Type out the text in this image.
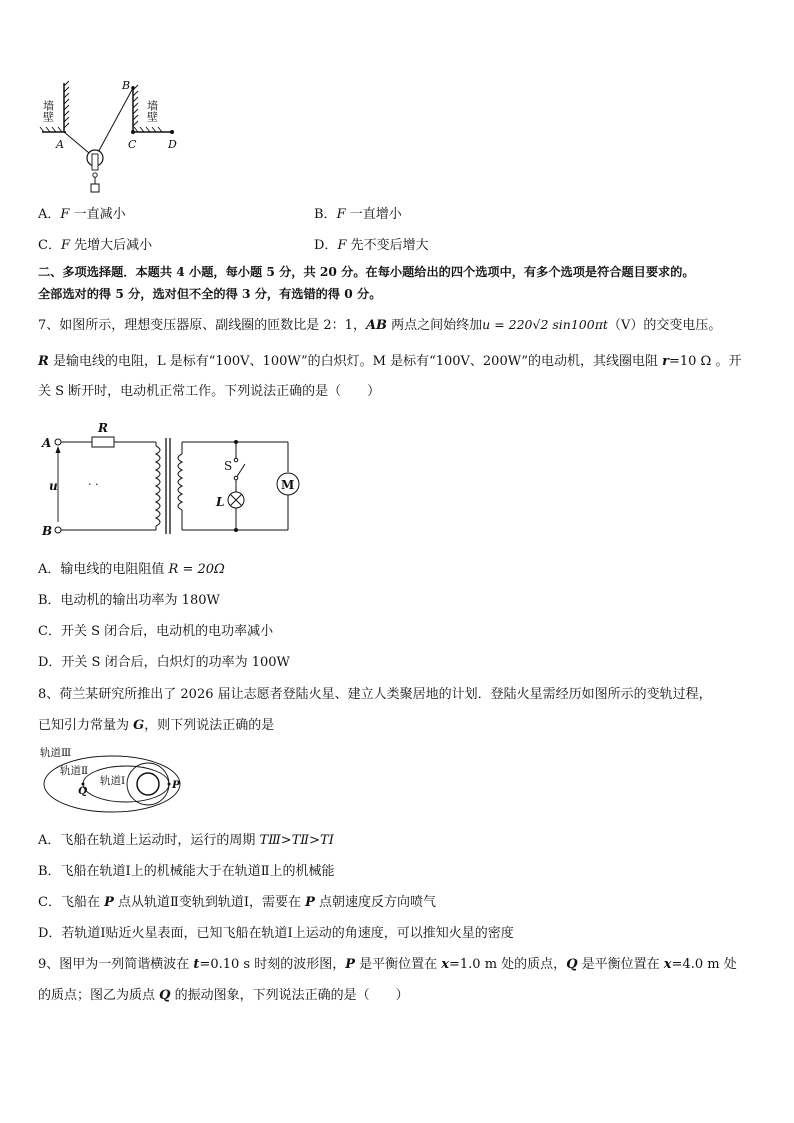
墙壁	墙壁
A
B
C	D
A．F 一直减小	B．F 一直增小
C．F 先增大后减小	D．F 先不变后增大
二、多项选择题．本题共 4 小题，每小题 5 分，共 20 分。在每小题给出的四个选项中，有多个选项是符合题目要求的。
全部选对的得 5 分，选对但不全的得 3 分，有选错的得 0 分。
7、如图所示，理想变压器原、副线圈的匝数比是 2：1，AB 两点之间始终加u = 220√2 sin100πt（V）的交变电压。
R 是输电线的电阻，L 是标有“100V、100W”的白炽灯。M 是标有“100V、200W”的电动机，其线圈电阻 r=10 Ω 。开
关 S 断开时，电动机正常工作。下列说法正确的是（　　）
A
B
R
u	· ·
S
L
M
A．输电线的电阻阻值 R = 20Ω
B．电动机的输出功率为 180W
C．开关 S 闭合后，电动机的电功率减小
D．开关 S 闭合后，白炽灯的功率为 100W
8、荷兰某研究所推出了 2026 届让志愿者登陆火星、建立人类聚居地的计划．登陆火星需经历如图所示的变轨过程，
已知引力常量为 G，则下列说法正确的是
轨道Ⅲ
轨道Ⅱ
轨道Ⅰ
Q	P
A．飞船在轨道上运动时，运行的周期 TⅢ>TⅡ>TⅠ
B．飞船在轨道Ⅰ上的机械能大于在轨道Ⅱ上的机械能
C．飞船在 P 点从轨道Ⅱ变轨到轨道Ⅰ，需要在 P 点朝速度反方向喷气
D．若轨道Ⅰ贴近火星表面，已知飞船在轨道Ⅰ上运动的角速度，可以推知火星的密度
9、图甲为一列简谐横波在 t=0.10 s 时刻的波形图，P 是平衡位置在 x=1.0 m 处的质点，Q 是平衡位置在 x=4.0 m 处
的质点；图乙为质点 Q 的振动图象，下列说法正确的是（　　）
